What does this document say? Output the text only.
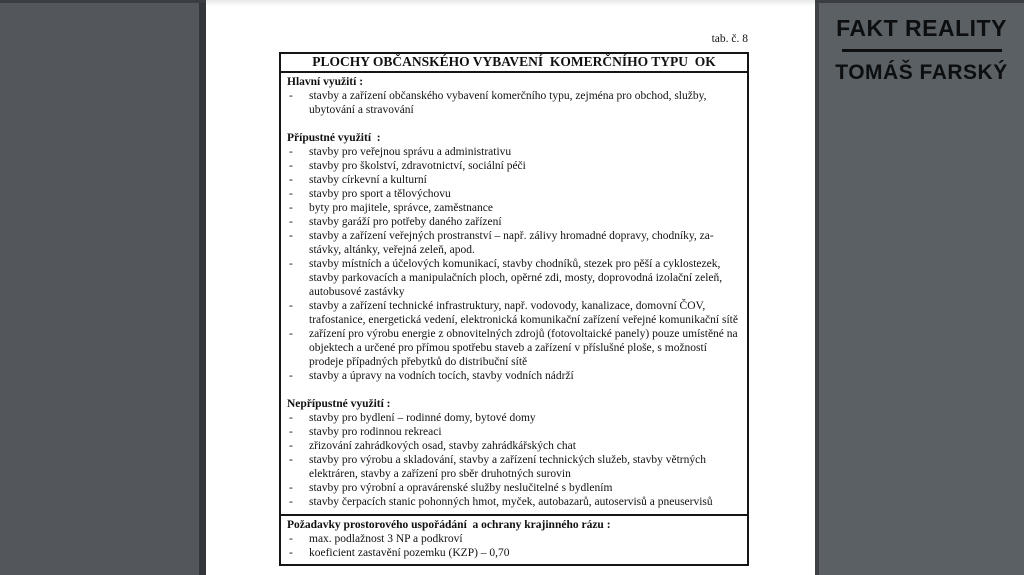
tab. č. 8
PLOCHY OBČANSKÉHO VYBAVENÍ  KOMERČNÍHO TYPU  OK
Hlavní využití :
-	stavby a zařízení občanského vybavení komerčního typu, zejména pro obchod, služby, ubytování a stravování
Přípustné využití  :
-	stavby pro veřejnou správu a administrativu
-	stavby pro školství, zdravotnictví, sociální péči
-	stavby církevní a kulturní
-	stavby pro sport a tělovýchovu
-	byty pro majitele, správce, zaměstnance
-	stavby garáží pro potřeby daného zařízení
-	stavby a zařízení veřejných prostranství – např. zálivy hromadné dopravy, chodníky, za-stávky, altánky, veřejná zeleň, apod.
-	stavby místních a účelových komunikací, stavby chodníků, stezek pro pěší a cyklostezek, stavby parkovacích a manipulačních ploch, opěrné zdi, mosty, doprovodná izolační zeleň, autobusové zastávky
-	stavby a zařízení technické infrastruktury, např. vodovody, kanalizace, domovní ČOV, trafostanice, energetická vedení, elektronická komunikační zařízení veřejné komunikační sítě
-	zařízení pro výrobu energie z obnovitelných zdrojů (fotovoltaické panely) pouze umístěné na objektech a určené pro přímou spotřebu staveb a zařízení v příslušné ploše, s možností prodeje případných přebytků do distribuční sítě
-	stavby a úpravy na vodních tocích, stavby vodních nádrží
Nepřípustné využití :
-	stavby pro bydlení – rodinné domy, bytové domy
-	stavby pro rodinnou rekreaci
-	zřizování zahrádkových osad, stavby zahrádkářských chat
-	stavby pro výrobu a skladování, stavby a zařízení technických služeb, stavby větrných elektráren, stavby a zařízení pro sběr druhotných surovin
-	stavby pro výrobní a opravárenské služby neslučitelné s bydlením
-	stavby čerpacích stanic pohonných hmot, myček, autobazarů, autoservisů a pneuservisů
Požadavky prostorového uspořádání  a ochrany krajinného rázu :
-	max. podlažnost 3 NP a podkroví
-	koeficient zastavění pozemku (KZP) – 0,70
FAKT REALITY
TOMÁŠ FARSKÝ
